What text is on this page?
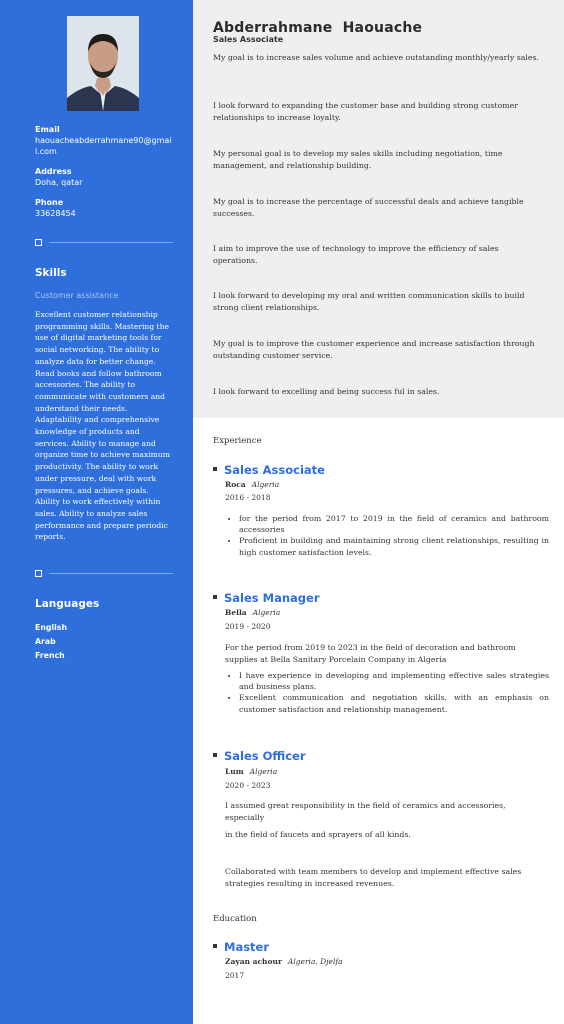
Email
haouacheabderrahmane90@gmail.com
Address
Doha, qatar
Phone
33628454
Skills
Customer assistance
Excellent customer relationship programming skills. Mastering the use of digital marketing tools for social networking. The ability to analyze data for better change. Read books and follow bathroom accessories. The ability to communicate with customers and understand their needs. Adaptability and comprehensive knowledge of products and services. Ability to manage and organize time to achieve maximum productivity. The ability to work under pressure, deal with work pressures, and achieve goals. Ability to work effectively within sales. Ability to analyze sales performance and prepare periodic reports.
Languages
English
Arab
French
Abderrahmane  Haouache
Sales Associate
My goal is to increase sales volume and achieve outstanding monthly/yearly sales.
I look forward to expanding the customer base and building strong customer relationships to increase loyalty.
My personal goal is to develop my sales skills including negotiation, time management, and relationship building.
My goal is to increase the percentage of successful deals and achieve tangible successes.
I aim to improve the use of technology to improve the efficiency of sales operations.
I look forward to developing my oral and written communication skills to build strong client relationships.
My goal is to improve the customer experience and increase satisfaction through outstanding customer service.
I look forward to excelling and being success ful in sales.
Experience
Sales Associate
Roca Algeria
2016 - 2018
• for the period from 2017 to 2019 in the field of ceramics and bathroom accessories
• Proficient in building and maintaining strong client relationships, resulting in high customer satisfaction levels.
Sales Manager
Bella Algeria
2019 - 2020
For the period from 2019 to 2023 in the field of decoration and bathroom supplies at Bella Sanitary Porcelain Company in Algeria
• I have experience in developing and implementing effective sales strategies and business plans.
• Excellent communication and negotiation skills, with an emphasis on customer satisfaction and relationship management.
Sales Officer
Lum Algeria
2020 - 2023
I assumed great responsibility in the field of ceramics and accessories, especially
in the field of faucets and sprayers of all kinds.
Collaborated with team members to develop and implement effective sales strategies resulting in increased revenues.
Education
Master
Zayan achour Algeria, Djelfa
2017
